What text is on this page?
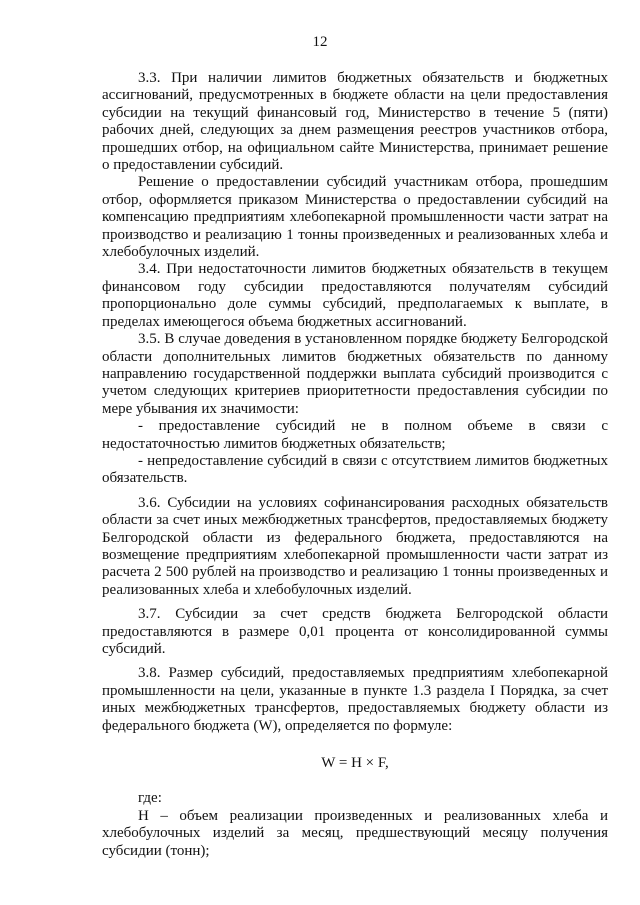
12

3.3. При наличии лимитов бюджетных обязательств и бюджетных ассигнований, предусмотренных в бюджете области на цели предоставления субсидии на текущий финансовый год, Министерство в течение 5 (пяти) рабочих дней, следующих за днем размещения реестров участников отбора, прошедших отбор, на официальном сайте Министерства, принимает решение о предоставлении субсидий.

Решение о предоставлении субсидий участникам отбора, прошедшим отбор, оформляется приказом Министерства о предоставлении субсидий на компенсацию предприятиям хлебопекарной промышленности части затрат на производство и реализацию 1 тонны произведенных и реализованных хлеба и хлебобулочных изделий.

3.4. При недостаточности лимитов бюджетных обязательств в текущем финансовом году субсидии предоставляются получателям субсидий пропорционально доле суммы субсидий, предполагаемых к выплате, в пределах имеющегося объема бюджетных ассигнований.

3.5. В случае доведения в установленном порядке бюджету Белгородской области дополнительных лимитов бюджетных обязательств по данному направлению государственной поддержки выплата субсидий производится с учетом следующих критериев приоритетности предоставления субсидии по мере убывания их значимости:

- предоставление субсидий не в полном объеме в связи с недостаточностью лимитов бюджетных обязательств;

- непредоставление субсидий в связи с отсутствием лимитов бюджетных обязательств.

3.6. Субсидии на условиях софинансирования расходных обязательств области за счет иных межбюджетных трансфертов, предоставляемых бюджету Белгородской области из федерального бюджета, предоставляются на возмещение предприятиям хлебопекарной промышленности части затрат из расчета 2 500 рублей на производство и реализацию 1 тонны произведенных и реализованных хлеба и хлебобулочных изделий.

3.7. Субсидии за счет средств бюджета Белгородской области предоставляются в размере 0,01 процента от консолидированной суммы субсидий.

3.8. Размер субсидий, предоставляемых предприятиям хлебопекарной промышленности на цели, указанные в пункте 1.3 раздела I Порядка, за счет иных межбюджетных трансфертов, предоставляемых бюджету области из федерального бюджета (W), определяется по формуле:

W = Н × F,

где:

Н – объем реализации произведенных и реализованных хлеба и хлебобулочных изделий за месяц, предшествующий месяцу получения субсидии (тонн);
